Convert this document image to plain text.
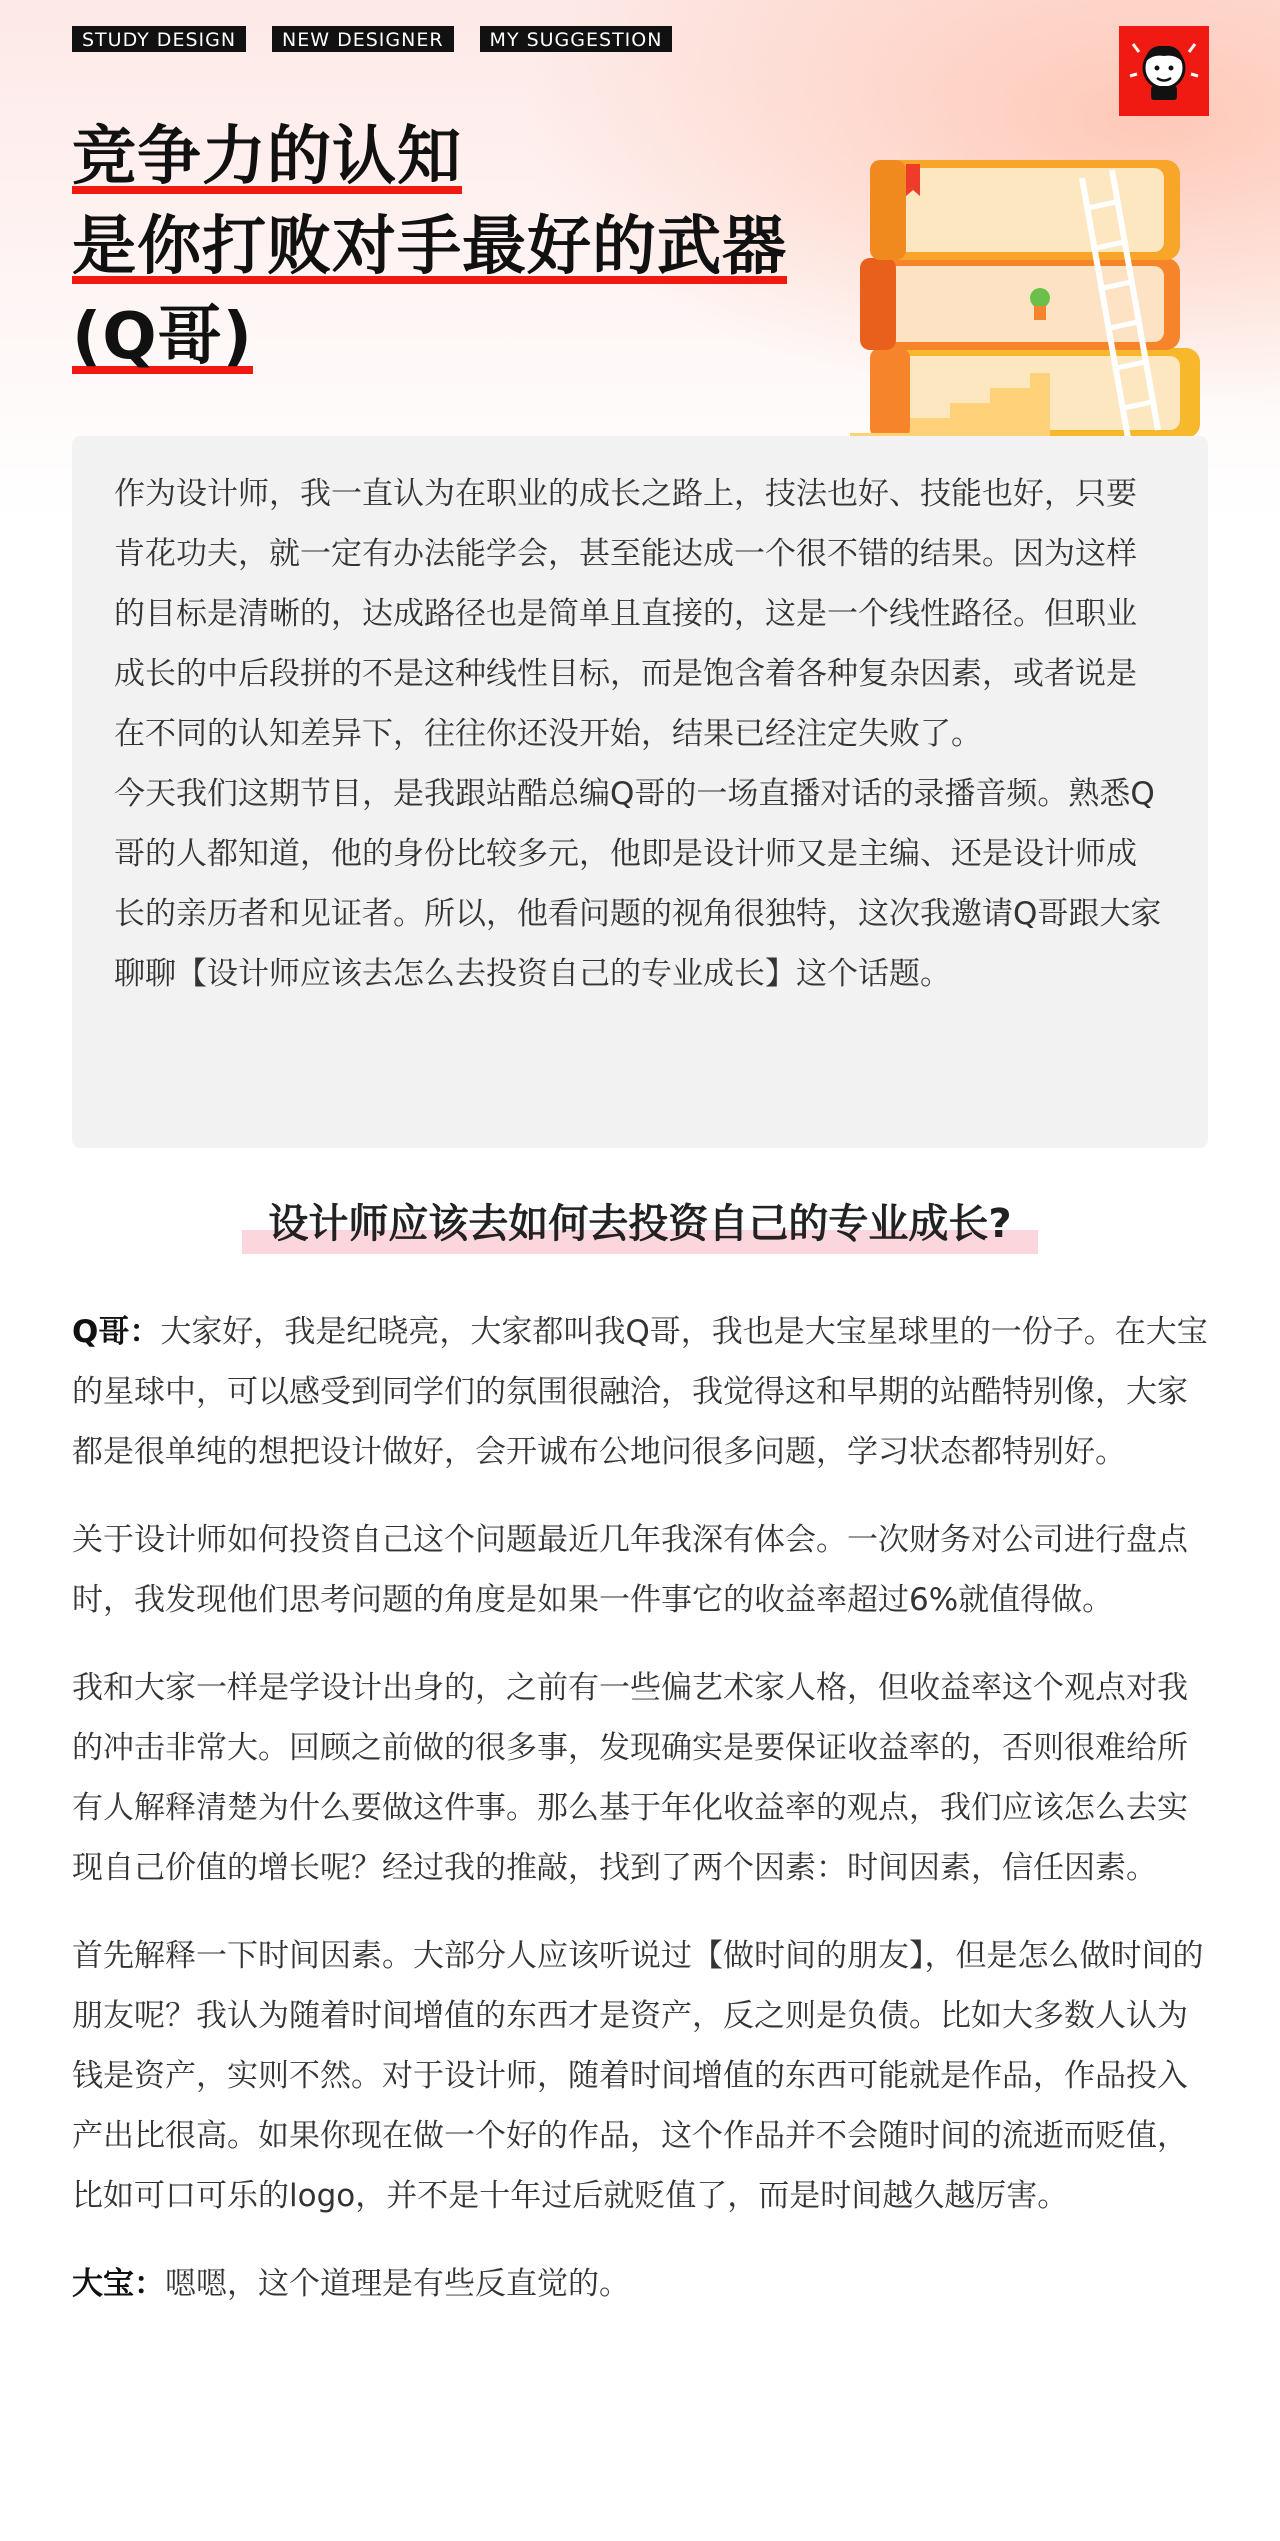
STUDY DESIGN	NEW DESIGNER	MY SUGGESTION
竞争力的认知
是你打败对手最好的武器
(Q哥)

作为设计师，我一直认为在职业的成长之路上，技法也好、技能也好，只要肯花功夫，就一定有办法能学会，甚至能达成一个很不错的结果。因为这样的目标是清晰的，达成路径也是简单且直接的，这是一个线性路径。但职业成长的中后段拼的不是这种线性目标，而是饱含着各种复杂因素，或者说是在不同的认知差异下，往往你还没开始，结果已经注定失败了。

今天我们这期节目，是我跟站酷总编Q哥的一场直播对话的录播音频。熟悉Q哥的人都知道，他的身份比较多元，他即是设计师又是主编、还是设计师成长的亲历者和见证者。所以，他看问题的视角很独特，这次我邀请Q哥跟大家聊聊【设计师应该去怎么去投资自己的专业成长】这个话题。

设计师应该去如何去投资自己的专业成长?

Q哥：大家好，我是纪晓亮，大家都叫我Q哥，我也是大宝星球里的一份子。在大宝的星球中，可以感受到同学们的氛围很融洽，我觉得这和早期的站酷特别像，大家都是很单纯的想把设计做好，会开诚布公地问很多问题，学习状态都特别好。

关于设计师如何投资自己这个问题最近几年我深有体会。一次财务对公司进行盘点时，我发现他们思考问题的角度是如果一件事它的收益率超过6%就值得做。

我和大家一样是学设计出身的，之前有一些偏艺术家人格，但收益率这个观点对我的冲击非常大。回顾之前做的很多事，发现确实是要保证收益率的，否则很难给所有人解释清楚为什么要做这件事。那么基于年化收益率的观点，我们应该怎么去实现自己价值的增长呢？经过我的推敲，找到了两个因素：时间因素，信任因素。

首先解释一下时间因素。大部分人应该听说过【做时间的朋友】，但是怎么做时间的朋友呢？我认为随着时间增值的东西才是资产，反之则是负债。比如大多数人认为钱是资产，实则不然。对于设计师，随着时间增值的东西可能就是作品，作品投入产出比很高。如果你现在做一个好的作品，这个作品并不会随时间的流逝而贬值，比如可口可乐的logo，并不是十年过后就贬值了，而是时间越久越厉害。

大宝：嗯嗯，这个道理是有些反直觉的。
